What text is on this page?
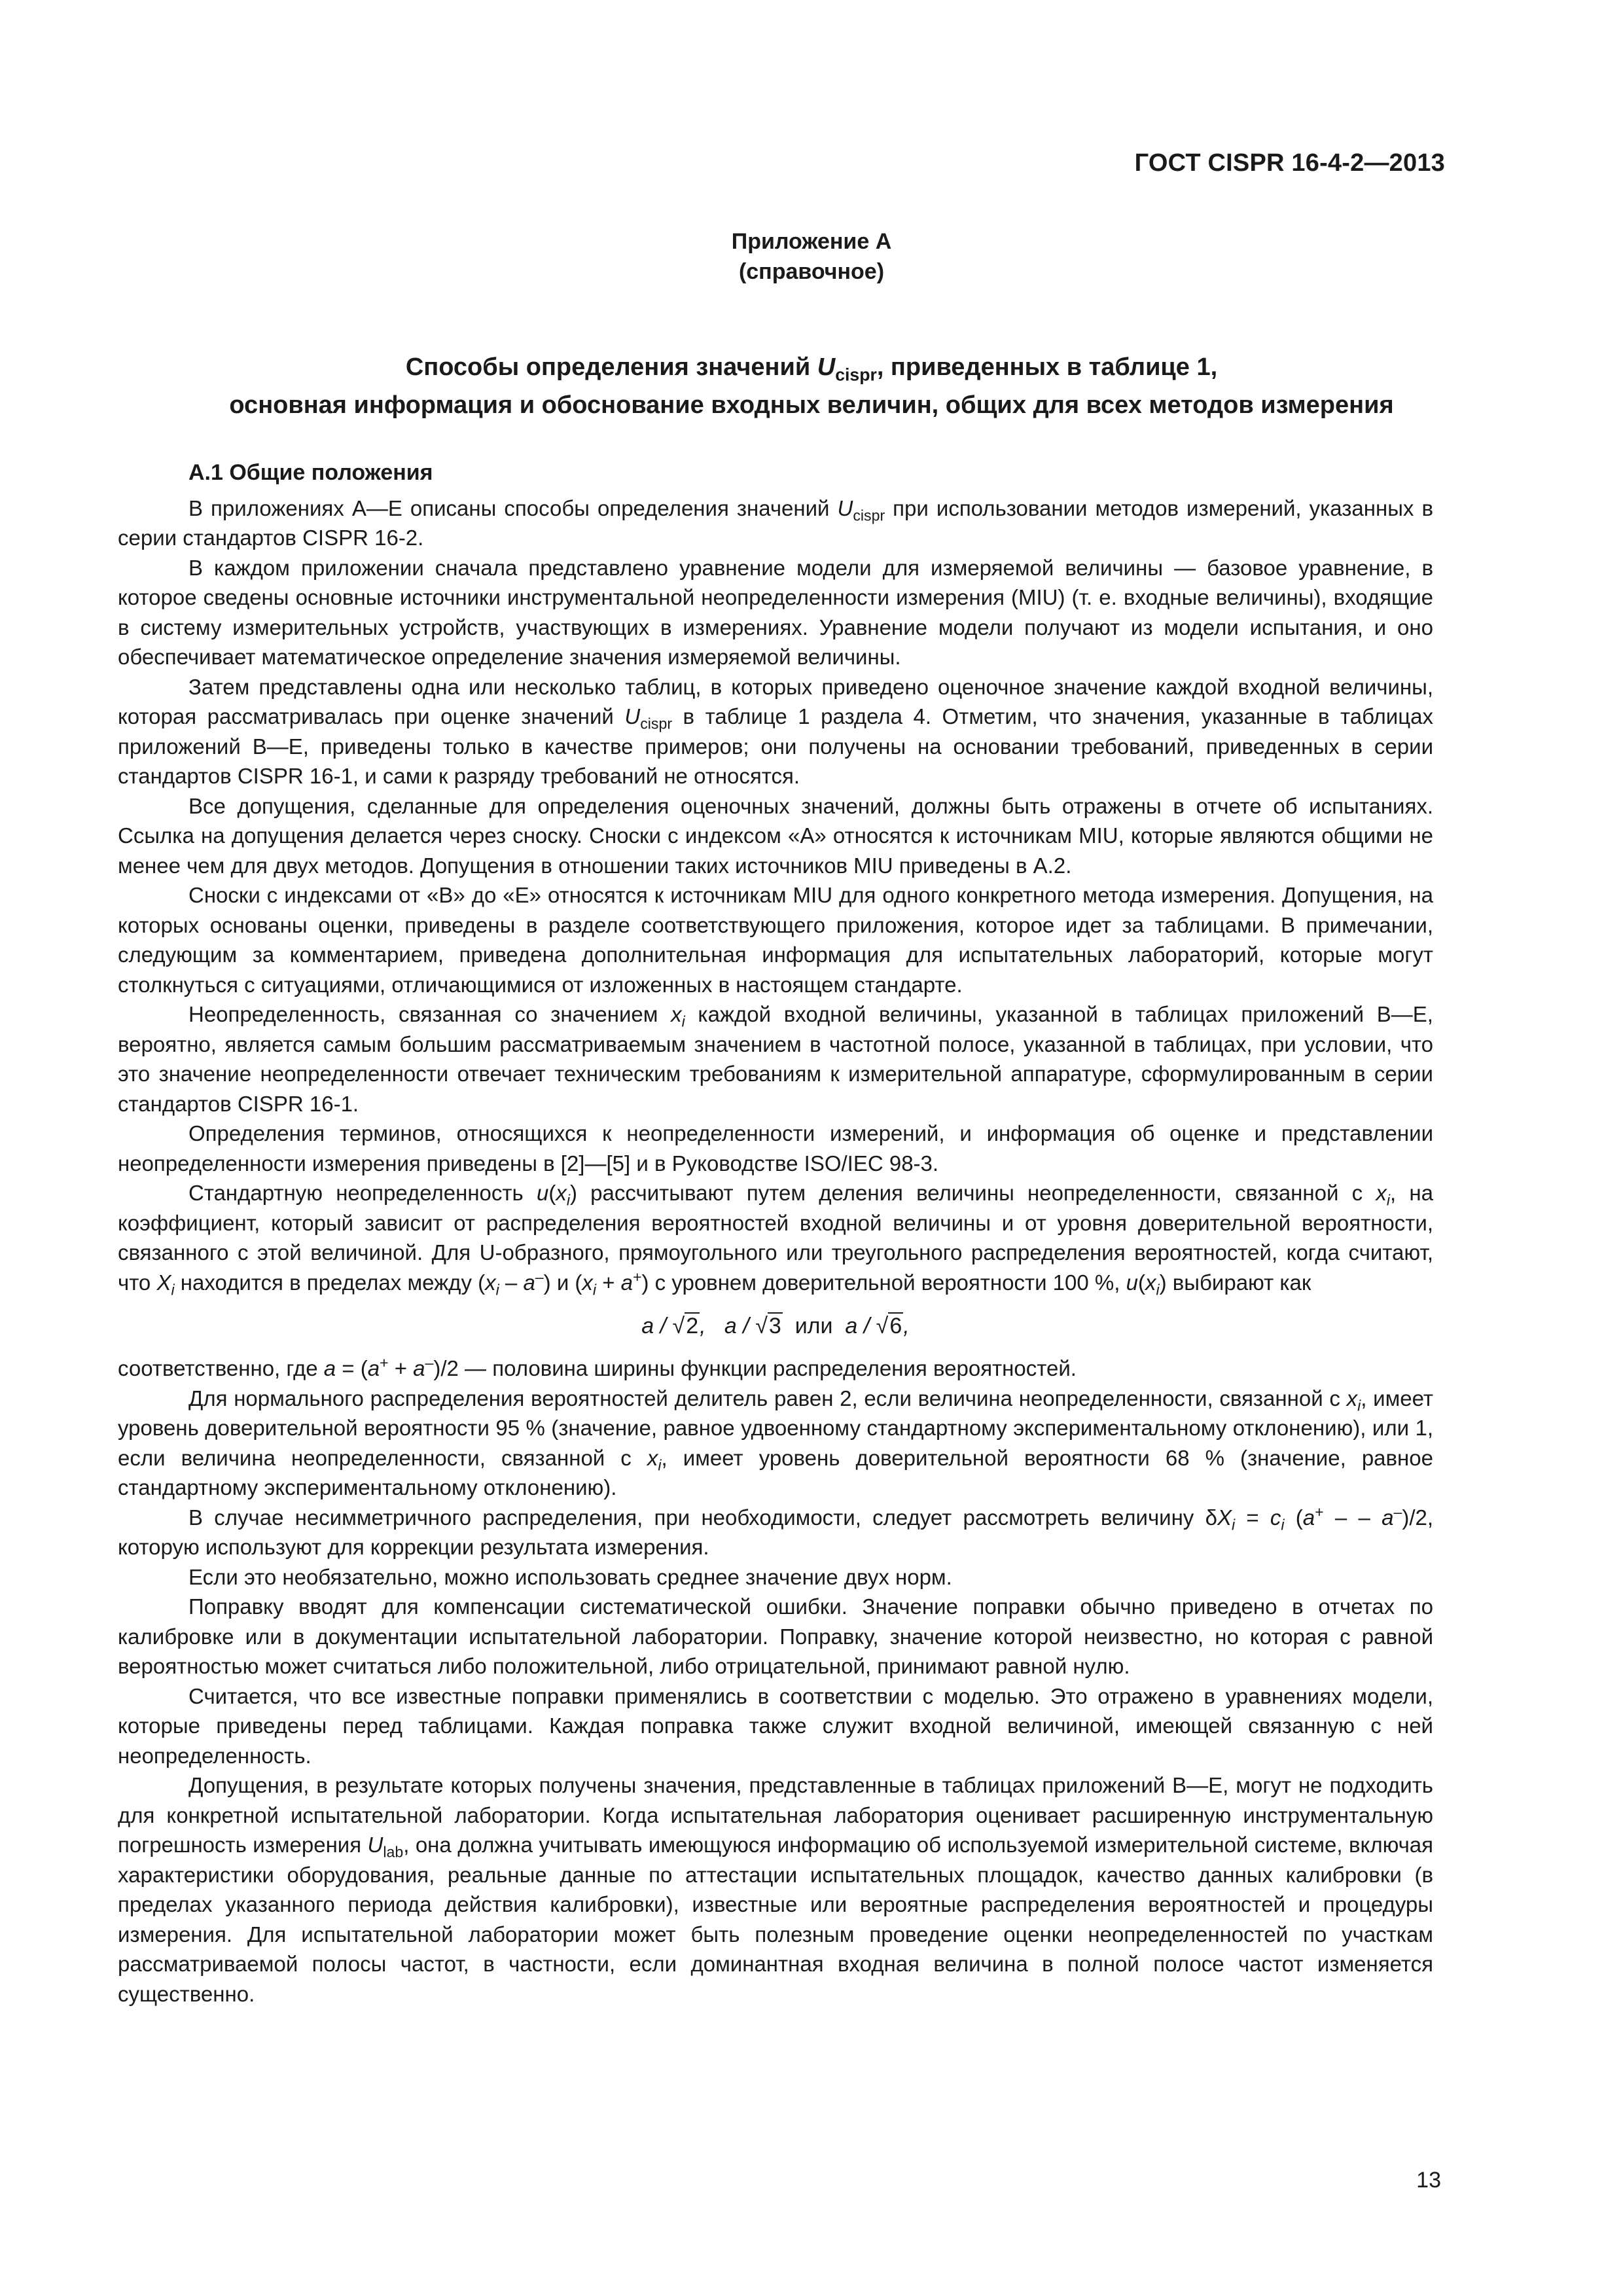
ГОСТ CISPR 16-4-2—2013
Приложение А
(справочное)
Способы определения значений $U_{cispr}$, приведенных в таблице 1,
основная информация и обоснование входных величин, общих для всех методов измерения
А.1 Общие положения

В приложениях А—Е описаны способы определения значений $U_{cispr}$ при использовании методов измерений, указанных в серии стандартов CISPR 16-2.

В каждом приложении сначала представлено уравнение модели для измеряемой величины — базовое уравнение, в которое сведены основные источники инструментальной неопределенности измерения (MIU) (т. е. входные величины), входящие в систему измерительных устройств, участвующих в измерениях. Уравнение модели получают из модели испытания, и оно обеспечивает математическое определение значения измеряемой величины.

Затем представлены одна или несколько таблиц, в которых приведено оценочное значение каждой входной величины, которая рассматривалась при оценке значений $U_{cispr}$ в таблице 1 раздела 4. Отметим, что значения, указанные в таблицах приложений В—Е, приведены только в качестве примеров; они получены на основании требований, приведенных в серии стандартов CISPR 16-1, и сами к разряду требований не относятся.

Все допущения, сделанные для определения оценочных значений, должны быть отражены в отчете об испытаниях. Ссылка на допущения делается через сноску. Сноски с индексом «А» относятся к источникам MIU, которые являются общими не менее чем для двух методов. Допущения в отношении таких источников MIU приведены в А.2.

Сноски с индексами от «В» до «Е» относятся к источникам MIU для одного конкретного метода измерения. Допущения, на которых основаны оценки, приведены в разделе соответствующего приложения, которое идет за таблицами. В примечании, следующим за комментарием, приведена дополнительная информация для испытательных лабораторий, которые могут столкнуться с ситуациями, отличающимися от изложенных в настоящем стандарте.

Неопределенность, связанная со значением $x_i$ каждой входной величины, указанной в таблицах приложений В—Е, вероятно, является самым большим рассматриваемым значением в частотной полосе, указанной в таблицах, при условии, что это значение неопределенности отвечает техническим требованиям к измерительной аппаратуре, сформулированным в серии стандартов CISPR 16-1.

Определения терминов, относящихся к неопределенности измерений, и информация об оценке и представлении неопределенности измерения приведены в [2]—[5] и в Руководстве ISO/IEC 98-3.

Стандартную неопределенность $u(x_i)$ рассчитывают путем деления величины неопределенности, связанной с $x_i$, на коэффициент, который зависит от распределения вероятностей входной величины и от уровня доверительной вероятности, связанного с этой величиной. Для U-образного, прямоугольного или треугольного распределения вероятностей, когда считают, что $X_i$ находится в пределах между $(x_i - a^-)$ и $(x_i + a^+)$ с уровнем доверительной вероятности 100 %, $u(x_i)$ выбирают как

a / √2,   a / √3 или  a / √6,

соответственно, где a = (a+ + a–)/2 — половина ширины функции распределения вероятностей.

Для нормального распределения вероятностей делитель равен 2, если величина неопределенности, связанной с $x_i$, имеет уровень доверительной вероятности 95 % (значение, равное удвоенному стандартному экспериментальному отклонению), или 1, если величина неопределенности, связанной с $x_i$, имеет уровень доверительной вероятности 68 % (значение, равное стандартному экспериментальному отклонению).

В случае несимметричного распределения, при необходимости, следует рассмотреть величину $\delta X_i = c_i$ (a+ – – a–)/2, которую используют для коррекции результата измерения.

Если это необязательно, можно использовать среднее значение двух норм.

Поправку вводят для компенсации систематической ошибки. Значение поправки обычно приведено в отчетах по калибровке или в документации испытательной лаборатории. Поправку, значение которой неизвестно, но которая с равной вероятностью может считаться либо положительной, либо отрицательной, принимают равной нулю.

Считается, что все известные поправки применялись в соответствии с моделью. Это отражено в уравнениях модели, которые приведены перед таблицами. Каждая поправка также служит входной величиной, имеющей связанную с ней неопределенность.

Допущения, в результате которых получены значения, представленные в таблицах приложений В—Е, могут не подходить для конкретной испытательной лаборатории. Когда испытательная лаборатория оценивает расширенную инструментальную погрешность измерения $U_{lab}$, она должна учитывать имеющуюся информацию об используемой измерительной системе, включая характеристики оборудования, реальные данные по аттестации испытательных площадок, качество данных калибровки (в пределах указанного периода действия калибровки), известные или вероятные распределения вероятностей и процедуры измерения. Для испытательной лаборатории может быть полезным проведение оценки неопределенностей по участкам рассматриваемой полосы частот, в частности, если доминантная входная величина в полной полосе частот изменяется существенно.

13
